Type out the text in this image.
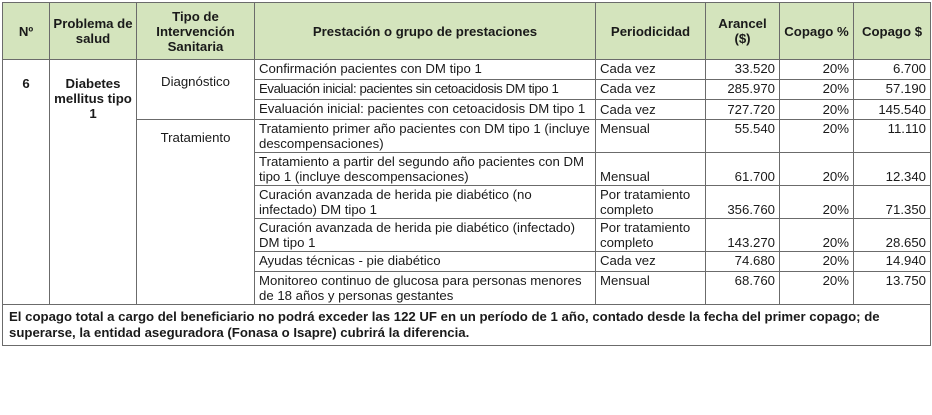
Nº	Problema de salud	Tipo de Intervención Sanitaria	Prestación o grupo de prestaciones	Periodicidad	Arancel ($)	Copago %	Copago $
6	Diabetes mellitus tipo 1	Diagnóstico	Confirmación pacientes con DM tipo 1	Cada vez	33.520	20%	6.700
			Evaluación inicial: pacientes sin cetoacidosis DM tipo 1	Cada vez	285.970	20%	57.190
			Evaluación inicial: pacientes con cetoacidosis DM tipo 1	Cada vez	727.720	20%	145.540
		Tratamiento	Tratamiento primer año pacientes con DM tipo 1 (incluye descompensaciones)	Mensual	55.540	20%	11.110
			Tratamiento a partir del segundo año pacientes con DM tipo 1 (incluye descompensaciones)	Mensual	61.700	20%	12.340
			Curación avanzada de herida pie diabético (no infectado) DM tipo 1	Por tratamiento completo	356.760	20%	71.350
			Curación avanzada de herida pie diabético (infectado) DM tipo 1	Por tratamiento completo	143.270	20%	28.650
			Ayudas técnicas - pie diabético	Cada vez	74.680	20%	14.940
			Monitoreo continuo de glucosa para personas menores de 18 años y personas gestantes	Mensual	68.760	20%	13.750
El copago total a cargo del beneficiario no podrá exceder las 122 UF en un período de 1 año, contado desde la fecha del primer copago; de superarse, la entidad aseguradora (Fonasa o Isapre) cubrirá la diferencia.							
